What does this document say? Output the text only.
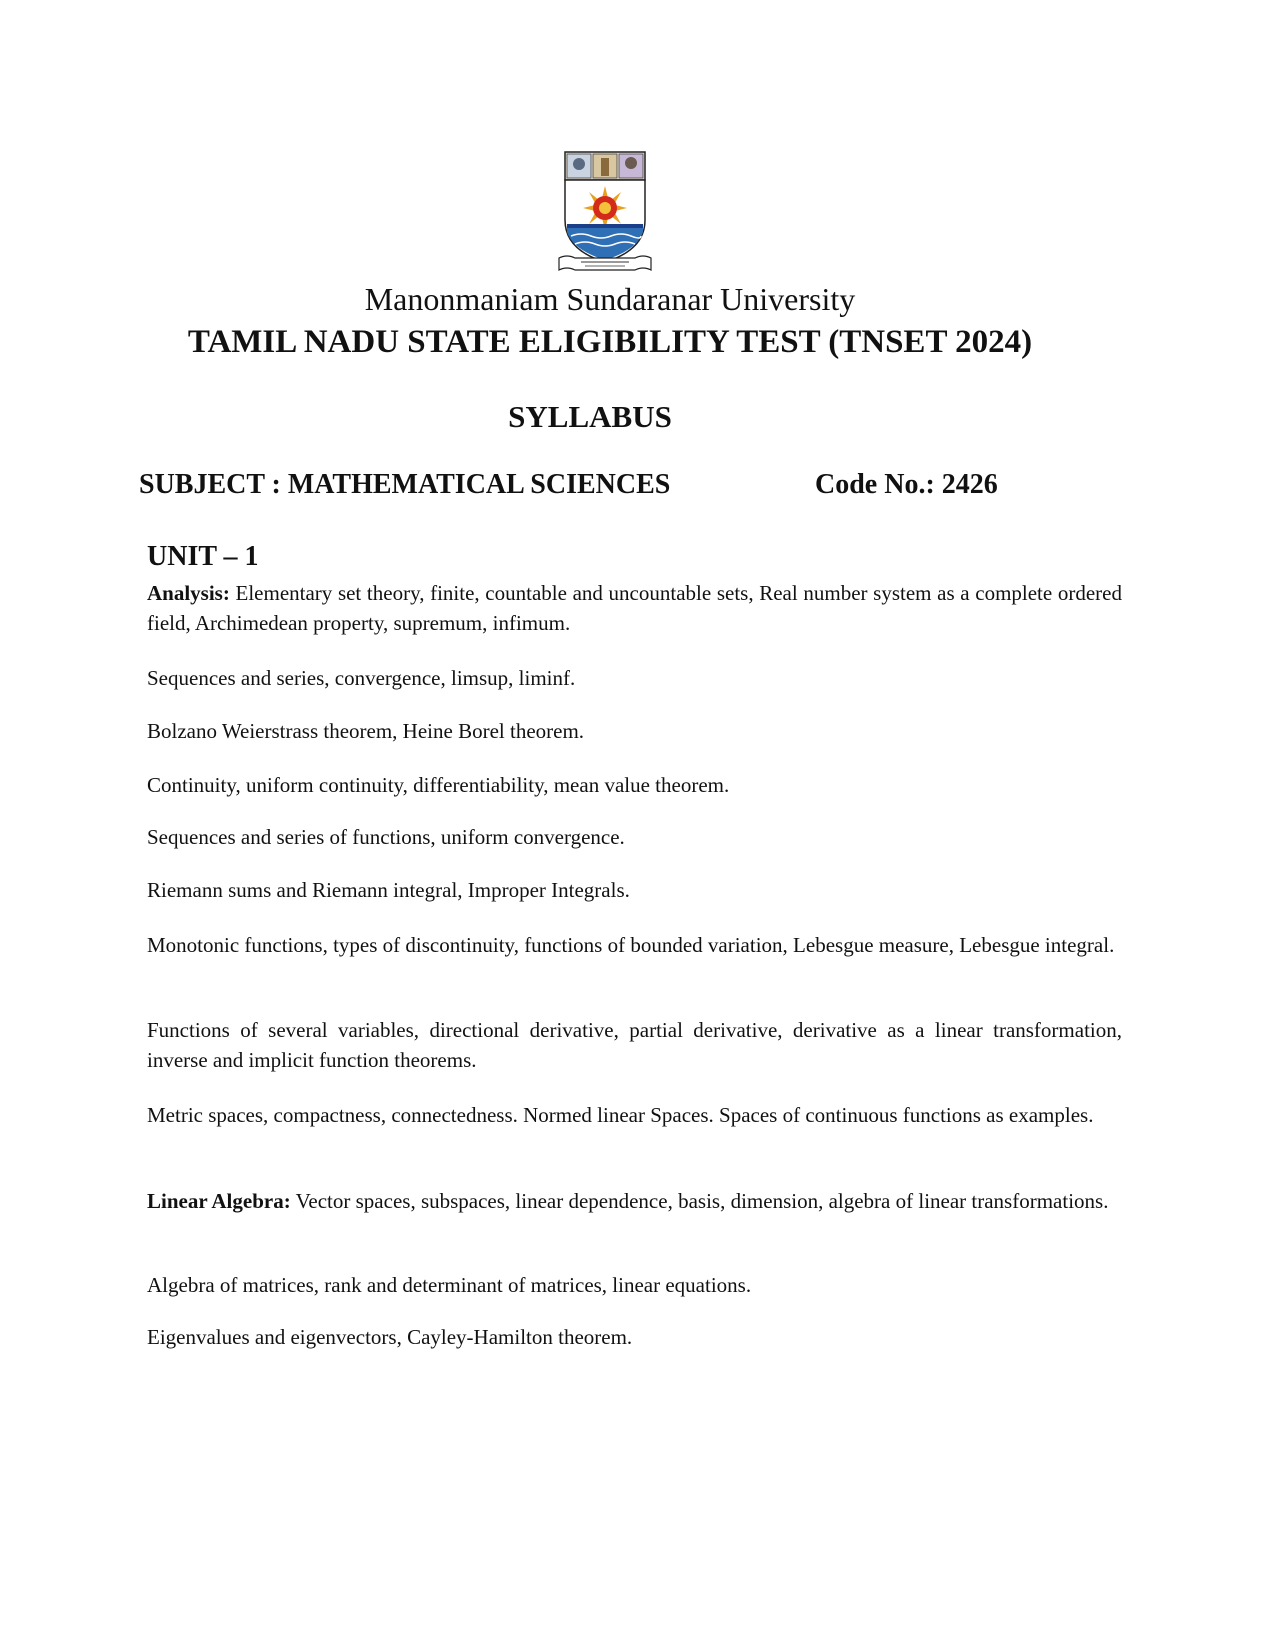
Manonmaniam Sundaranar University
TAMIL NADU STATE ELIGIBILITY TEST (TNSET 2024)
SYLLABUS
SUBJECT : MATHEMATICAL SCIENCES	Code No.: 2426
UNIT – 1
Analysis: Elementary set theory, finite, countable and uncountable sets, Real number system as a complete ordered field, Archimedean property, supremum, infimum.
Sequences and series, convergence, limsup, liminf.
Bolzano Weierstrass theorem, Heine Borel theorem.
Continuity, uniform continuity, differentiability, mean value theorem.
Sequences and series of functions, uniform convergence.
Riemann sums and Riemann integral, Improper Integrals.
Monotonic functions, types of discontinuity, functions of bounded variation, Lebesgue measure, Lebesgue integral.
Functions of several variables, directional derivative, partial derivative, derivative as a linear transformation, inverse and implicit function theorems.
Metric spaces, compactness, connectedness. Normed linear Spaces. Spaces of continuous functions as examples.
Linear Algebra: Vector spaces, subspaces, linear dependence, basis, dimension, algebra of linear transformations.
Algebra of matrices, rank and determinant of matrices, linear equations.
Eigenvalues and eigenvectors, Cayley-Hamilton theorem.
